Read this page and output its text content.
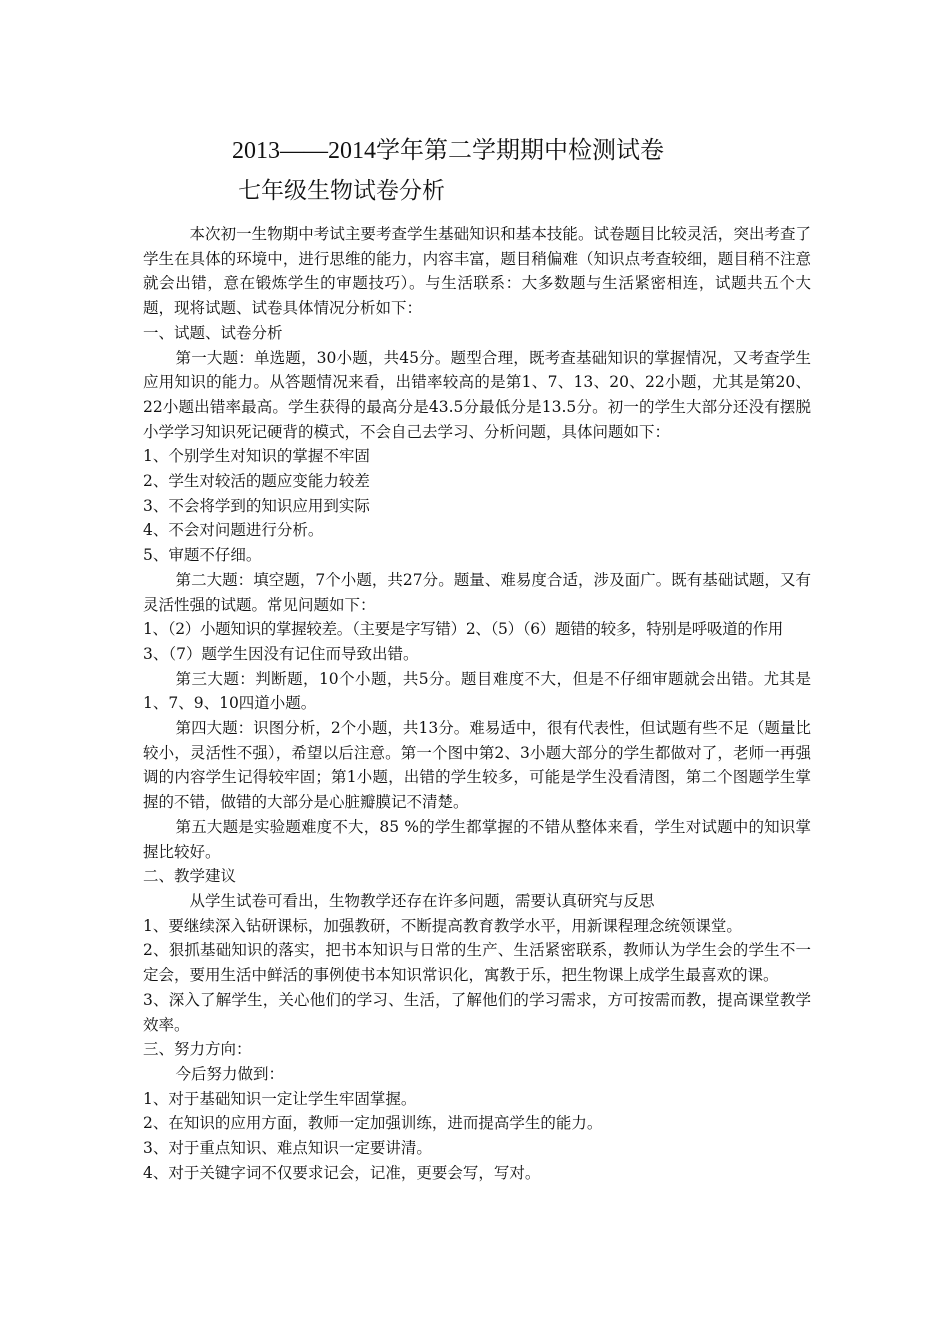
2013——2014学年第二学期期中检测试卷
七年级生物试卷分析

本次初一生物期中考试主要考查学生基础知识和基本技能。试卷题目比较灵活，突出考查了学生在具体的环境中，进行思维的能力，内容丰富，题目稍偏难（知识点考查较细，题目稍不注意就会出错，意在锻炼学生的审题技巧）。与生活联系：大多数题与生活紧密相连，试题共五个大题，现将试题、试卷具体情况分析如下：

一、试题、试卷分析

第一大题：单选题，30小题，共45分。题型合理，既考查基础知识的掌握情况，又考查学生应用知识的能力。从答题情况来看，出错率较高的是第1、7、13、20、22小题，尤其是第20、22小题出错率最高。学生获得的最高分是43.5分最低分是13.5分。初一的学生大部分还没有摆脱小学学习知识死记硬背的模式，不会自己去学习、分析问题，具体问题如下：

1、个别学生对知识的掌握不牢固

2、学生对较活的题应变能力较差

3、不会将学到的知识应用到实际

4、不会对问题进行分析。

5、审题不仔细。

第二大题：填空题，7个小题，共27分。题量、难易度合适，涉及面广。既有基础试题，又有灵活性强的试题。常见问题如下：

1、（2）小题知识的掌握较差。（主要是字写错）2、（5）（6）题错的较多，特别是呼吸道的作用

3、（7）题学生因没有记住而导致出错。

第三大题：判断题，10个小题，共5分。题目难度不大，但是不仔细审题就会出错。尤其是1、7、9、10四道小题。

第四大题：识图分析，2个小题，共13分。难易适中，很有代表性，但试题有些不足（题量比较小，灵活性不强），希望以后注意。第一个图中第2、3小题大部分的学生都做对了，老师一再强调的内容学生记得较牢固；第1小题，出错的学生较多，可能是学生没看清图，第二个图题学生掌握的不错，做错的大部分是心脏瓣膜记不清楚。

第五大题是实验题难度不大，85 %的学生都掌握的不错从整体来看，学生对试题中的知识掌握比较好。

二、教学建议

从学生试卷可看出，生物教学还存在许多问题，需要认真研究与反思

1、要继续深入钻研课标，加强教研，不断提高教育教学水平，用新课程理念统领课堂。

2、狠抓基础知识的落实，把书本知识与日常的生产、生活紧密联系，教师认为学生会的学生不一定会，要用生活中鲜活的事例使书本知识常识化，寓教于乐，把生物课上成学生最喜欢的课。

3、深入了解学生，关心他们的学习、生活，了解他们的学习需求，方可按需而教，提高课堂教学效率。

三、努力方向：

今后努力做到：

1、对于基础知识一定让学生牢固掌握。

2、在知识的应用方面，教师一定加强训练，进而提高学生的能力。

3、对于重点知识、难点知识一定要讲清。

4、对于关键字词不仅要求记会，记准，更要会写，写对。
